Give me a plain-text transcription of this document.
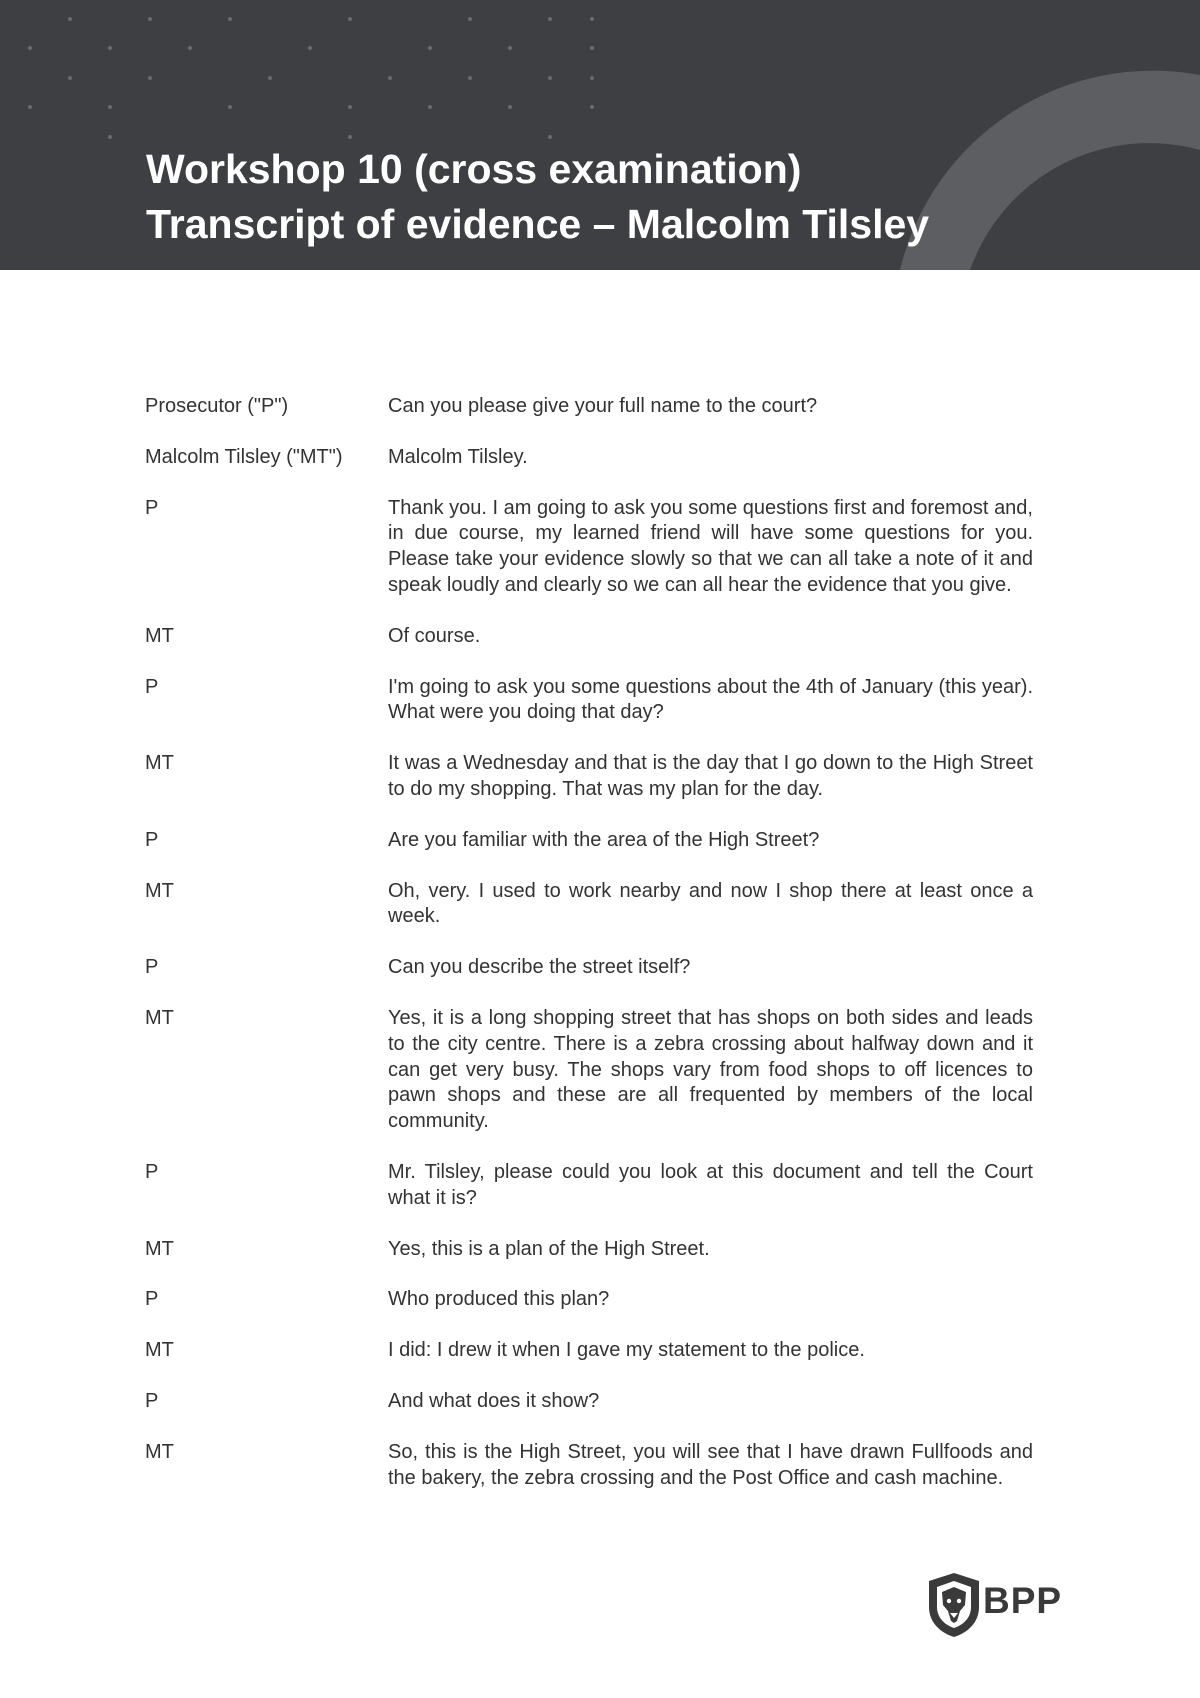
Workshop 10 (cross examination)
Transcript of evidence – Malcolm Tilsley
Prosecutor ("P")	Can you please give your full name to the court?
Malcolm Tilsley ("MT")	Malcolm Tilsley.
P	Thank you. I am going to ask you some questions first and foremost and, in due course, my learned friend will have some questions for you. Please take your evidence slowly so that we can all take a note of it and speak loudly and clearly so we can all hear the evidence that you give.
MT	Of course.
P	I'm going to ask you some questions about the 4th of January (this year). What were you doing that day?
MT	It was a Wednesday and that is the day that I go down to the High Street to do my shopping. That was my plan for the day.
P	Are you familiar with the area of the High Street?
MT	Oh, very. I used to work nearby and now I shop there at least once a week.
P	Can you describe the street itself?
MT	Yes, it is a long shopping street that has shops on both sides and leads to the city centre. There is a zebra crossing about halfway down and it can get very busy. The shops vary from food shops to off licences to pawn shops and these are all frequented by members of the local community.
P	Mr. Tilsley, please could you look at this document and tell the Court what it is?
MT	Yes, this is a plan of the High Street.
P	Who produced this plan?
MT	I did: I drew it when I gave my statement to the police.
P	And what does it show?
MT	So, this is the High Street, you will see that I have drawn Fullfoods and the bakery, the zebra crossing and the Post Office and cash machine.
BPP
